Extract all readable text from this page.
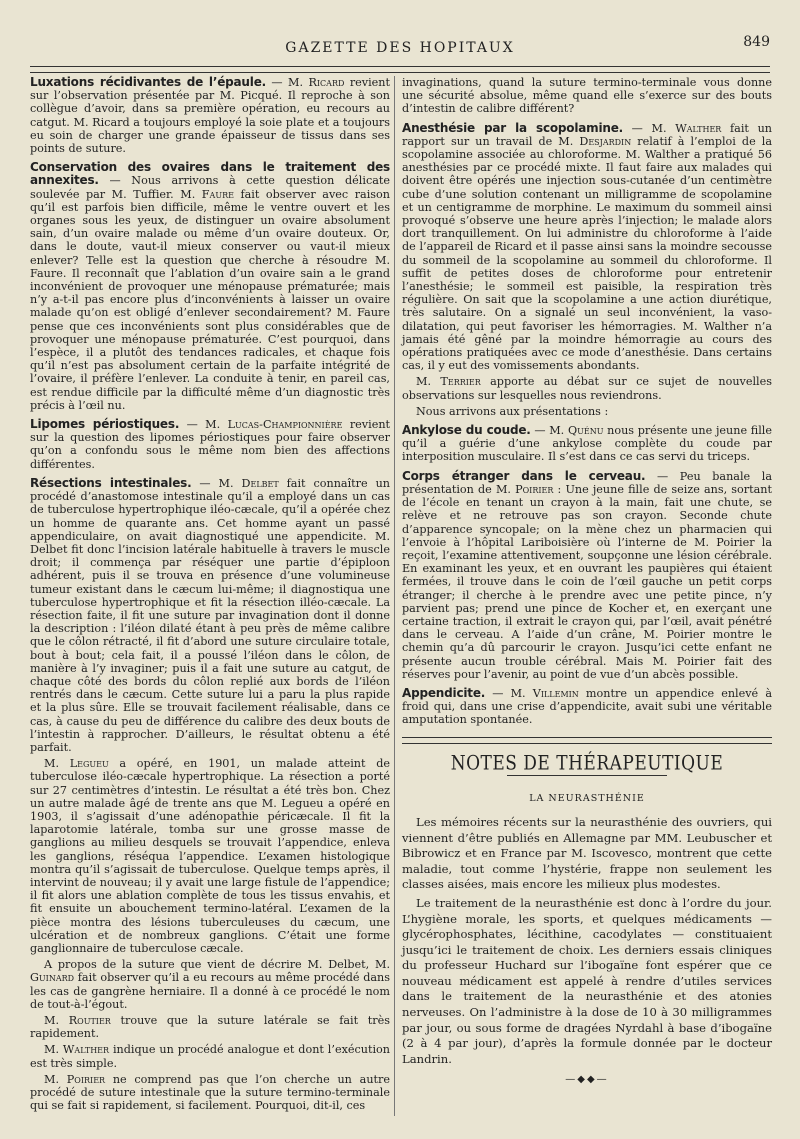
GAZETTE DES HOPITAUX	849

Luxations récidivantes de l’épaule. — M. Ricard revient sur l’observation présentée par M. Picqué. Il reproche à son collègue d’avoir, dans sa première opération, eu recours au catgut. M. Ricard a toujours employé la soie plate et a toujours eu soin de charger une grande épaisseur de tissus dans ses points de suture.

Conservation des ovaires dans le traitement des annexites. — Nous arrivons à cette question délicate soulevée par M. Tuffier. M. Faure fait observer avec raison qu’il est parfois bien difficile, même le ventre ouvert et les organes sous les yeux, de distinguer un ovaire absolument sain, d’un ovaire malade ou même d’un ovaire douteux. Or, dans le doute, vaut-il mieux conserver ou vaut-il mieux enlever? Telle est la question que cherche à résoudre M. Faure. Il reconnaît que l’ablation d’un ovaire sain a le grand inconvénient de provoquer une ménopause prématurée; mais n’y a-t-il pas encore plus d’inconvénients à laisser un ovaire malade qu’on est obligé d’enlever secondairement? M. Faure pense que ces inconvénients sont plus considérables que de provoquer une ménopause prématurée. C’est pourquoi, dans l’espèce, il a plutôt des tendances radicales, et chaque fois qu’il n’est pas absolument certain de la parfaite intégrité de l’ovaire, il préfère l’enlever. La conduite à tenir, en pareil cas, est rendue difficile par la difficulté même d’un diagnostic très précis à l’œil nu.

Lipomes périostiques. — M. Lucas-Championnière revient sur la question des lipomes périostiques pour faire observer qu’on a confondu sous le même nom bien des affections différentes.

Résections intestinales. — M. Delbet fait connaître un procédé d’anastomose intestinale qu’il a employé dans un cas de tuberculose hypertrophique iléo-cæcale, qu’il a opérée chez un homme de quarante ans. Cet homme ayant un passé appendiculaire, on avait diagnostiqué une appendicite. M. Delbet fit donc l’incision latérale habituelle à travers le muscle droit; il commença par réséquer une partie d’épiploon adhérent, puis il se trouva en présence d’une volumineuse tumeur existant dans le cæcum lui-même; il diagnostiqua une tuberculose hypertrophique et fit la résection illéo-cæcale. La résection faite, il fit une suture par invagination dont il donne la description : l’iléon dilaté étant à peu près de même calibre que le côlon rétracté, il fit d’abord une suture circulaire totale, bout à bout; cela fait, il a poussé l’iléon dans le côlon, de manière à l’y invaginer; puis il a fait une suture au catgut, de chaque côté des bords du côlon replié aux bords de l’iléon rentrés dans le cæcum. Cette suture lui a paru la plus rapide et la plus sûre. Elle se trouvait facilement réalisable, dans ce cas, à cause du peu de différence du calibre des deux bouts de l’intestin à rapprocher. D’ailleurs, le résultat obtenu a été parfait.

M. Legueu a opéré, en 1901, un malade atteint de tuberculose iléo-cæcale hypertrophique. La résection a porté sur 27 centimètres d’intestin. Le résultat a été très bon. Chez un autre malade âgé de trente ans que M. Legueu a opéré en 1903, il s’agissait d’une adénopathie péricæcale. Il fit la laparotomie latérale, tomba sur une grosse masse de ganglions au milieu desquels se trouvait l’appendice, enleva les ganglions, réséqua l’appendice. L’examen histologique montra qu’il s’agissait de tuberculose. Quelque temps après, il intervint de nouveau; il y avait une large fistule de l’appendice; il fit alors une ablation complète de tous les tissus envahis, et fit ensuite un abouchement termino-latéral. L’examen de la pièce montra des lésions tuberculeuses du cæcum, une ulcération et de nombreux ganglions. C’était une forme ganglionnaire de tuberculose cæcale.

A propos de la suture que vient de décrire M. Delbet, M. Guinard fait observer qu’il a eu recours au même procédé dans les cas de gangrène herniaire. Il a donné à ce procédé le nom de tout-à-l’égout.

M. Routier trouve que la suture latérale se fait très rapidement.

M. Walther indique un procédé analogue et dont l’exécution est très simple.

M. Poirier ne comprend pas que l’on cherche un autre procédé de suture intestinale que la suture termino-terminale qui se fait si rapidement, si facilement. Pourquoi, dit-il, ces

invaginations, quand la suture termino-terminale vous donne une sécurité absolue, même quand elle s’exerce sur des bouts d’intestin de calibre différent?

Anesthésie par la scopolamine. — M. Walther fait un rapport sur un travail de M. Desjardin relatif à l’emploi de la scopolamine associée au chloroforme. M. Walther a pratiqué 56 anesthésies par ce procédé mixte. Il faut faire aux malades qui doivent être opérés une injection sous-cutanée d’un centimètre cube d’une solution contenant un milligramme de scopolamine et un centigramme de morphine. Le maximum du sommeil ainsi provoqué s’observe une heure après l’injection; le malade alors dort tranquillement. On lui administre du chloroforme à l’aide de l’appareil de Ricard et il passe ainsi sans la moindre secousse du sommeil de la scopolamine au sommeil du chloroforme. Il suffit de petites doses de chloroforme pour entretenir l’anesthésie; le sommeil est paisible, la respiration très régulière. On sait que la scopolamine a une action diurétique, très salutaire. On a signalé un seul inconvénient, la vaso-dilatation, qui peut favoriser les hémorragies. M. Walther n’a jamais été gêné par la moindre hémorragie au cours des opérations pratiquées avec ce mode d’anesthésie. Dans certains cas, il y eut des vomissements abondants.

M. Terrier apporte au débat sur ce sujet de nouvelles observations sur lesquelles nous reviendrons.

Nous arrivons aux présentations :

Ankylose du coude. — M. Quénu nous présente une jeune fille qu’il a guérie d’une ankylose complète du coude par interposition musculaire. Il s’est dans ce cas servi du triceps.

Corps étranger dans le cerveau. — Peu banale la présentation de M. Poirier : Une jeune fille de seize ans, sortant de l’école en tenant un crayon à la main, fait une chute, se relève et ne retrouve pas son crayon. Seconde chute d’apparence syncopale; on la mène chez un pharmacien qui l’envoie à l’hôpital Lariboisière où l’interne de M. Poirier la reçoit, l’examine attentivement, soupçonne une lésion cérébrale. En examinant les yeux, et en ouvrant les paupières qui étaient fermées, il trouve dans le coin de l’œil gauche un petit corps étranger; il cherche à le prendre avec une petite pince, n’y parvient pas; prend une pince de Kocher et, en exerçant une certaine traction, il extrait le crayon qui, par l’œil, avait pénétré dans le cerveau. A l’aide d’un crâne, M. Poirier montre le chemin qu’a dû parcourir le crayon. Jusqu’ici cette enfant ne présente aucun trouble cérébral. Mais M. Poirier fait des réserves pour l’avenir, au point de vue d’un abcès possible.

Appendicite. — M. Villemin montre un appendice enlevé à froid qui, dans une crise d’appendicite, avait subi une véritable amputation spontanée.

NOTES DE THÉRAPEUTIQUE
LA NEURASTHÉNIE

Les mémoires récents sur la neurasthénie des ouvriers, qui viennent d’être publiés en Allemagne par MM. Leubuscher et Bibrowicz et en France par M. Iscovesco, montrent que cette maladie, tout comme l’hystérie, frappe non seulement les classes aisées, mais encore les milieux plus modestes.

Le traitement de la neurasthénie est donc à l’ordre du jour. L’hygiène morale, les sports, et quelques médicaments — glycérophosphates, lécithine, cacodylates — constituaient jusqu’ici le traitement de choix. Les derniers essais cliniques du professeur Huchard sur l’ibogaïne font espérer que ce nouveau médicament est appelé à rendre d’utiles services dans le traitement de la neurasthénie et des atonies nerveuses. On l’administre à la dose de 10 à 30 milligrammes par jour, ou sous forme de dragées Nyrdahl à base d’ibogaïne (2 à 4 par jour), d’après la formule donnée par le docteur Landrin.

—◆◆—
